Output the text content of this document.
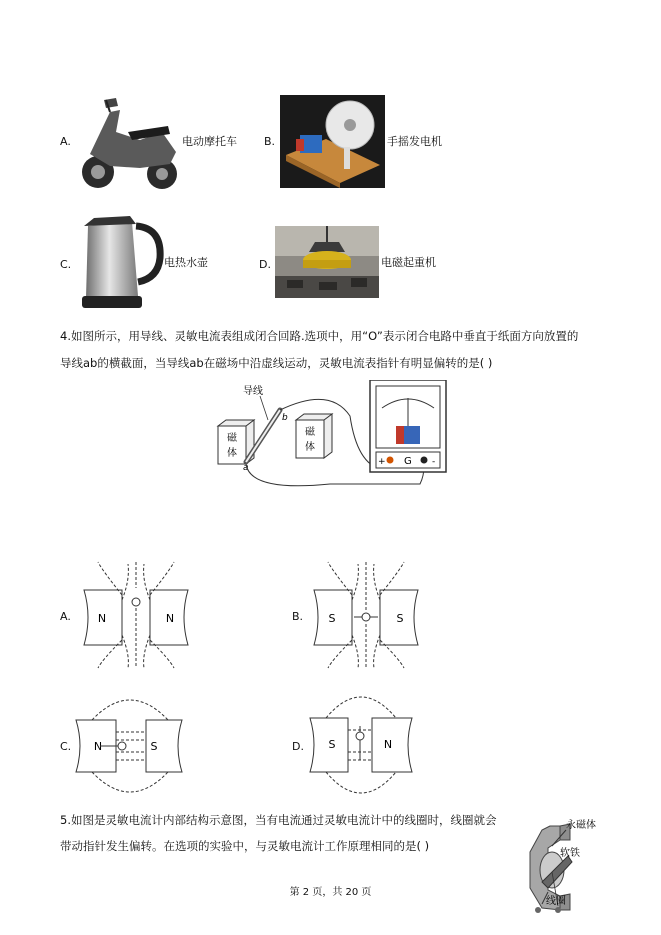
A.	电动摩托车 B.	手摇发电机
C.	电热水壶	D.	电磁起重机
4.如图所示，用导线、灵敏电流表组成闭合回路.选项中，用“O”表示闭合电路中垂直于纸面方向放置的
导线ab的横截面，当导线ab在磁场中沿虚线运动，灵敏电流表指针有明显偏转的是( )
磁
体
磁
体
导线
b
a
+ G -
A. N	N	B. S	S
C. N	S	D. S	N
5.如图是灵敏电流计内部结构示意图，当有电流通过灵敏电流计中的线圈时，线圈就会
带动指针发生偏转。在选项的实验中，与灵敏电流计工作原理相同的是( )
永磁体
软铁
线圈
第 2 页，共 20 页
